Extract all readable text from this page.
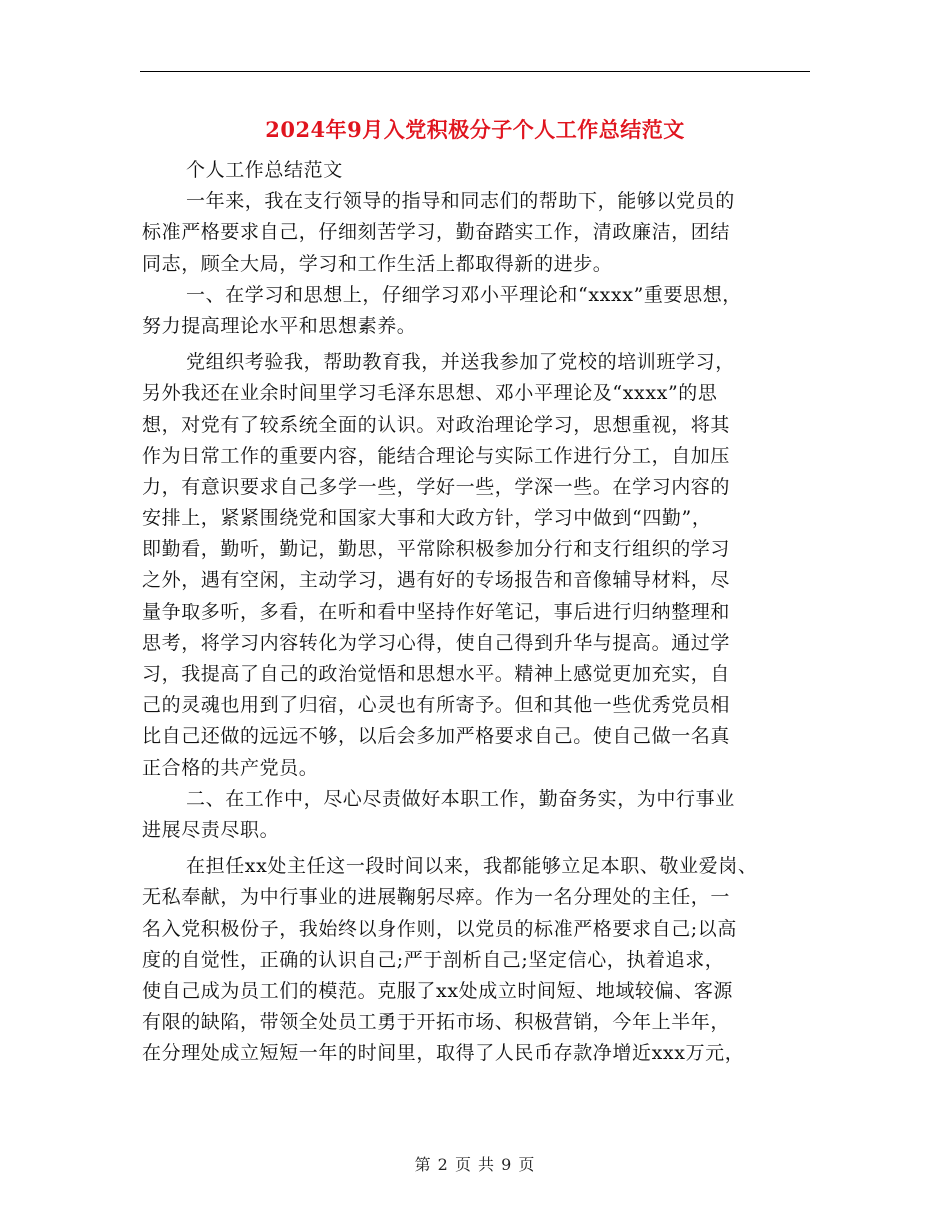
2024年9月入党积极分子个人工作总结范文
个人工作总结范文
一年来，我在支行领导的指导和同志们的帮助下，能够以党员的
标准严格要求自己，仔细刻苦学习，勤奋踏实工作，清政廉洁，团结
同志，顾全大局，学习和工作生活上都取得新的进步。
一、在学习和思想上，仔细学习邓小平理论和“xxxx”重要思想，
努力提高理论水平和思想素养。
党组织考验我，帮助教育我，并送我参加了党校的培训班学习，
另外我还在业余时间里学习毛泽东思想、邓小平理论及“xxxx”的思
想，对党有了较系统全面的认识。对政治理论学习，思想重视，将其
作为日常工作的重要内容，能结合理论与实际工作进行分工，自加压
力，有意识要求自己多学一些，学好一些，学深一些。在学习内容的
安排上，紧紧围绕党和国家大事和大政方针，学习中做到“四勤”，
即勤看，勤听，勤记，勤思，平常除积极参加分行和支行组织的学习
之外，遇有空闲，主动学习，遇有好的专场报告和音像辅导材料，尽
量争取多听，多看，在听和看中坚持作好笔记，事后进行归纳整理和
思考，将学习内容转化为学习心得，使自己得到升华与提高。通过学
习，我提高了自己的政治觉悟和思想水平。精神上感觉更加充实，自
己的灵魂也用到了归宿，心灵也有所寄予。但和其他一些优秀党员相
比自己还做的远远不够，以后会多加严格要求自己。使自己做一名真
正合格的共产党员。
二、在工作中，尽心尽责做好本职工作，勤奋务实，为中行事业
进展尽责尽职。
在担任xx处主任这一段时间以来，我都能够立足本职、敬业爱岗、
无私奉献，为中行事业的进展鞠躬尽瘁。作为一名分理处的主任，一
名入党积极份子，我始终以身作则，以党员的标准严格要求自己;以高
度的自觉性，正确的认识自己;严于剖析自己;坚定信心，执着追求，
使自己成为员工们的模范。克服了xx处成立时间短、地域较偏、客源
有限的缺陷，带领全处员工勇于开拓市场、积极营销，今年上半年，
在分理处成立短短一年的时间里，取得了人民币存款净增近xxx万元，
第 2 页 共 9 页
